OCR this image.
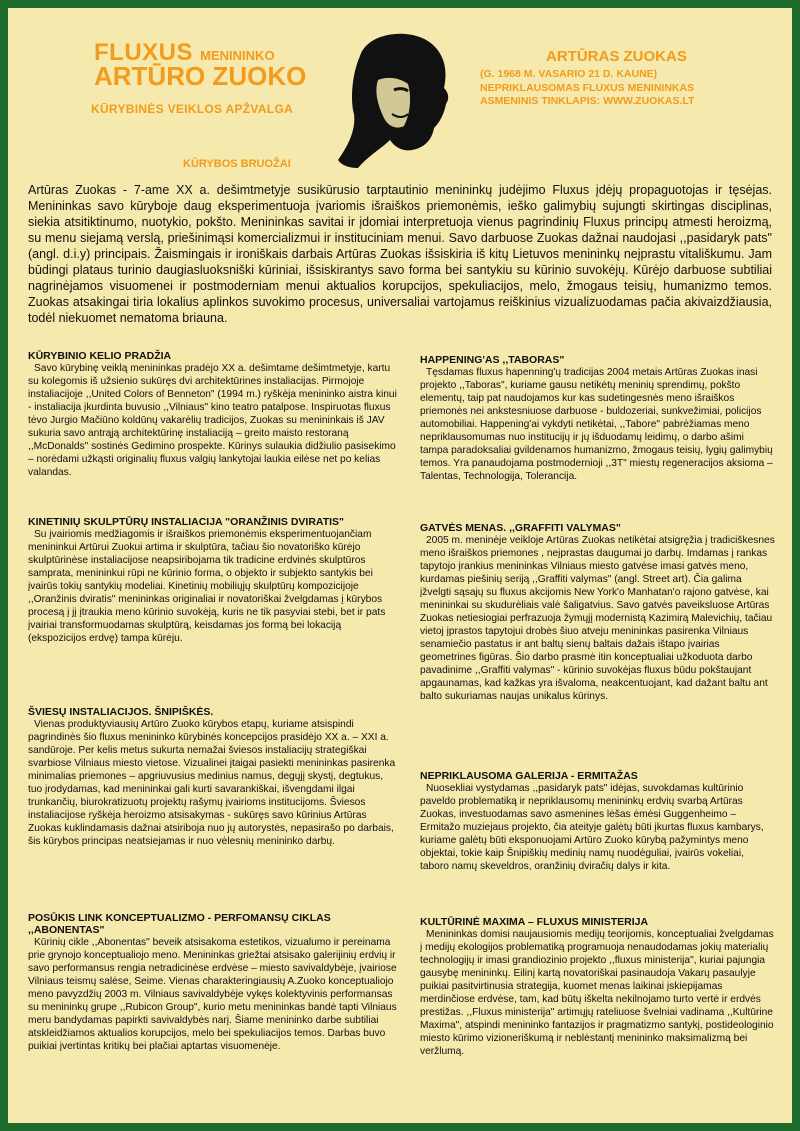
FLUXUS MENININKO
ARTŪRO ZUOKO
KŪRYBINĖS VEIKLOS APŽVALGA
KŪRYBOS BRUOŽAI
ARTŪRAS ZUOKAS
(G. 1968 M. VASARIO 21 D. KAUNE)
NEPRIKLAUSOMAS FLUXUS MENININKAS
ASMENINIS TINKLAPIS: WWW.ZUOKAS.LT
Artūras Zuokas - 7-ame XX a. dešimtmetyje susikūrusio tarptautinio menininkų judėjimo Fluxus įdėjų propaguotojas ir tęsėjas. Menininkas savo kūryboje daug eksperimentuoja įvariomis išraiškos priemonėmis, ieško galimybių sujungti skirtingas disciplinas, siekia atsitiktinumo, nuotykio, pokšto. Menininkas savitai ir įdomiai interpretuoja vienus pagrindinių Fluxus principų atmesti heroizmą, su menu siejamą verslą, priešinimąsi komercializmui ir instituciniam menui. Savo darbuose Zuokas dažnai naudojasi ,,pasidaryk pats" (angl. d.i.y) principais. Žaismingais ir ironiškais darbais Artūras Zuokas išsiskiria iš kitų Lietuvos menininkų neįprastu vitališkumu. Jam būdingi plataus turinio daugiasluoksniški kūriniai, išsiskirantys savo forma bei santykiu su kūrinio suvokėjų. Kūrėjo darbuose subtiliai nagrinėjamos visuomenei ir postmoderniam menui aktualios korupcijos, spekuliacijos, melo, žmogaus teisių, humanizmo temos. Zuokas atsakingai tiria lokalius aplinkos suvokimo procesus, universaliai vartojamus reiškinius vizualizuodamas pačia akivaizdžiausia, todėl niekuomet nematoma briauna.
KŪRYBINIO KELIO PRADŽIA

Savo kūrybinę veiklą menininkas pradėjo XX a. dešimtame dešimtmetyje, kartu su kolegomis iš užsienio sukūręs dvi architektūrines instaliacijas. Pirmojoje instaliacijoje ,,United Colors of Benneton" (1994 m.) ryškėja menininko aistra kinui - instaliacija įkurdinta buvusio ,,Vilniaus" kino teatro patalpose. Inspiruotas fluxus tėvo Jurgio Mačiūno koldūnų vakarėlių tradicijos, Zuokas su menininkais iš JAV sukuria savo antrąją architektūrinę instaliaciją – greito maisto restoraną ,,McDonalds" sostinės Gedimino prospekte. Kūrinys sulaukia didžiulio pasisekimo – norėdami užkąsti originalių fluxus valgių lankytojai laukia eilėse net po kelias valandas.

KINETINIŲ SKULPTŪRŲ INSTALIACIJA "ORANŽINIS DVIRATIS"

Su įvairiomis medžiagomis ir išraiškos priemonėmis eksperimentuojančiam menininkui Artūrui Zuokui artima ir skulptūra, tačiau šio novatoriško kūrėjo skulptūrinėse instaliacijose neapsiribojama tik tradicine erdvinės skulptūros samprata, menininkui rūpi ne kūrinio forma, o objekto ir subjekto santykis bei įvairūs tokių santykių modeliai. Kinetinių mobiliųjų skulptūrų kompozicijoje ,,Oranžinis dviratis" menininkas originaliai ir novatoriškai žvelgdamas į kūrybos procesą į jį įtraukia meno kūrinio suvokėją, kuris ne tik pasyviai stebi, bet ir pats įvairiai transformuodamas skulptūrą, keisdamas jos formą bei lokaciją (ekspozicijos erdvę) tampa kūrėju.

ŠVIESŲ INSTALIACIJOS. ŠNIPIŠKĖS.

Vienas produktyviausių Artūro Zuoko kūrybos etapų, kuriame atsispindi pagrindinės šio fluxus menininko kūrybinės koncepcijos prasidėjo XX a. – XXI a. sandūroje. Per kelis metus sukurta nemažai šviesos instaliacijų strategiškai svarbiose Vilniaus miesto vietose. Vizualinei įtaigai pasiekti menininkas pasirenka minimalias priemones – apgriuvusius medinius namus, degųjį skystį, degtukus, tuo įrodydamas, kad menininkai gali kurti savarankiškai, išvengdami ilgai trunkančių, biurokratizuotų projektų rašymų įvairioms institucijoms. Šviesos instaliacijose ryškėja heroizmo atsisakymas - sukūręs savo kūrinius Artūras Zuokas kuklindamasis dažnai atsiriboja nuo jų autorystės, nepasirašo po darbais, šis kūrybos principas neatsiejamas ir nuo vėlesnių menininko darbų.

POSŪKIS LINK KONCEPTUALIZMO - PERFOMANSŲ CIKLAS ,,ABONENTAS"

Kūrinių cikle ,,Abonentas" beveik atsisakoma estetikos, vizualumo ir pereinama prie grynojo konceptualiojo meno. Menininkas griežtai atsisako galerijinių erdvių ir savo performansus rengia netradicinėse erdvėse – miesto savivaldybėje, įvairiose Vilniaus teismų salėse, Seime. Vienas charakteringiausių A.Zuoko konceptualiojo meno pavyzdžių 2003 m. Vilniaus savivaldybėje vykęs kolektyvinis performansas su menininkų grupe ,,Rubicon Group", kurio metu menininkas bandė tapti Vilniaus meru bandydamas papirkti savivaldybės narį. Šiame menininko darbe subtiliai atskleidžiamos aktualios korupcijos, melo bei spekuliacijos temos. Darbas buvo puikiai įvertintas kritikų bei plačiai aptartas visuomenėje.

HAPPENING'AS ,,TABORAS"

Tęsdamas fluxus hapenning'ų tradicijas 2004 metais Artūras Zuokas inasi projekto ,,Taboras", kuriame gausu netikėtų meninių sprendimų, pokšto elementų, taip pat naudojamos kur kas sudetingesnės meno išraiškos priemonės nei ankstesniuose darbuose - buldozeriai, sunkvežimiai, policijos automobiliai. Happening'ai vykdyti netikėtai, ,,Tabore" pabrėžiamas meno nepriklausomumas nuo institucijų ir jų išduodamų leidimų, o darbo ašimi tampa paradoksaliai gvildenamos humanizmo, žmogaus teisių, lygių galimybių temos. Yra panaudojama postmodernioji ,,3T" miestų regeneracijos aksioma – Talentas, Technologija, Tolerancija.

GATVĖS MENAS. ,,GRAFFITI VALYMAS"

2005 m. meninėje veikloje Artūras Zuokas netikėtai atsigręžia į tradiciškesnes meno išraiškos priemones , neįprastas daugumai jo darbų. Imdamas į rankas tapytojo įrankius menininkas Vilniaus miesto gatvėse imasi gatvės meno, kurdamas piešinių seriją ,,Graffiti valymas" (angl. Street art). Čia galima įžvelgti sąsajų su fluxus akcijomis New York'o Manhatan'o rajono gatvėse, kai menininkai su skudurėliais valė šaligatvius. Savo gatvės paveiksluose Artūras Zuokas netiesiogiai perfrazuoja žymųjį modernistą Kazimirą Malevichių, tačiau vietoj įprastos tapytojui drobės šiuo atveju menininkas pasirenka Vilniaus senamiečio pastatus ir ant baltų sienų baltais dažais ištapo įvairias geometrines figūras. Šio darbo prasmė itin konceptualiai užkoduota darbo pavadinime ,,Graffiti valymas" - kūrinio suvokėjas fluxus būdu pokštaujant apgaunamas, kad kažkas yra išvaloma, neakcentuojant, kad dažant baltu ant balto sukuriamas naujas unikalus kūrinys.

NEPRIKLAUSOMA GALERIJA - ERMITAŽAS

Nuosekliai vystydamas ,,pasidaryk pats" idėjas, suvokdamas kultūrinio paveldo problematiką ir nepriklausomų menininkų erdvių svarbą Artūras Zuokas, investuodamas savo asmenines lėšas ėmėsi Guggenheimo – Ermitažo muziejaus projekto, čia ateityje galėtų būti įkurtas fluxus kambarys, kuriame galėtų būti eksponuojami Artūro Zuoko kūrybą pažymintys meno objektai, tokie kaip Šnipiškių medinių namų nuodėguliai, įvairūs vokeliai, taboro namų skeveldros, oranžinių dviračių dalys ir kita.

KULTŪRINĖ MAXIMA – FLUXUS MINISTERIJA

Menininkas domisi naujausiomis medijų teorijomis, konceptualiai žvelgdamas į medijų ekologijos problematiką programuoja nenaudodamas jokių materialių technologijų ir imasi grandiozinio projekto ,,fluxus ministerija", kuriai pajungia gausybę menininkų. Eilinį kartą novatoriškai pasinaudoja Vakarų pasaulyje puikiai pasitvirtinusia strategija, kuomet menas laikinai įskiepijamas merdinčiose erdvėse, tam, kad būtų iškelta nekilnojamo turto vertė ir erdvės prestižas. ,,Fluxus ministerija" artimųjų rateliuose švelniai vadinama ,,Kultūrine Maxima", atspindi menininko fantazijos ir pragmatizmo santykį, postideologinio miesto kūrimo vizioneriškumą ir neblėstantį menininko maksimalizmą bei veržlumą.
